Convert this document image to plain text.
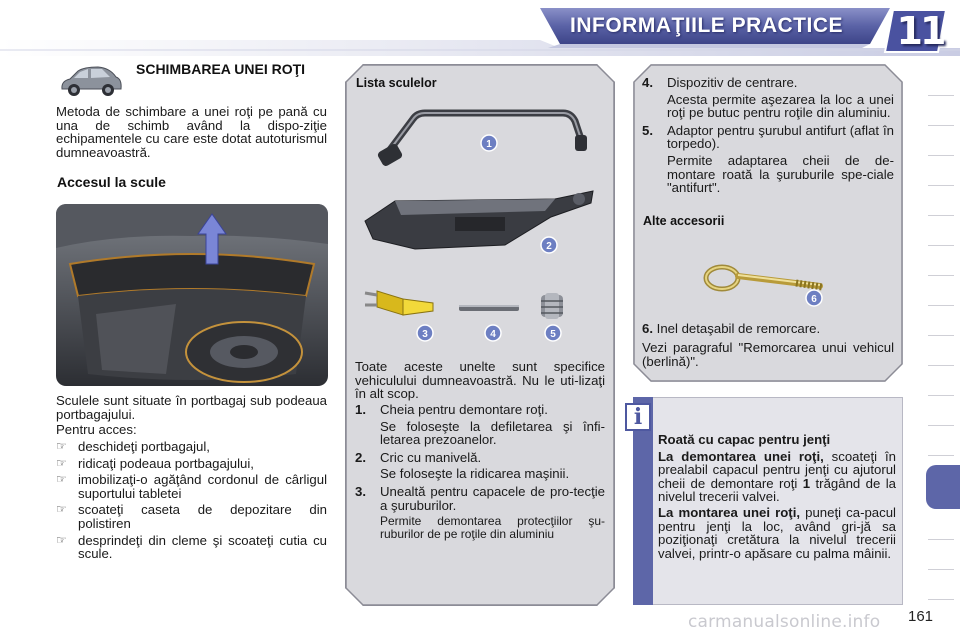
INFORMAŢIILE PRACTICE 11
SCHIMBAREA UNEI ROŢI
Metoda de schimbare a unei roţi pe pană cu una de schimb având la dispo-ziţie echipamentele cu care este dotat autoturismul dumneavoastră.
Accesul la scule
Sculele sunt situate în portbagaj sub podeaua portbagajului.
Pentru acces:
☞ deschideţi portbagajul,
☞ ridicaţi podeaua portbagajului,
☞ imobilizaţi-o agăţând cordonul de cârligul suportului tabletei
☞ scoateţi caseta de depozitare din polistiren
☞ desprindeţi din cleme şi scoateţi cutia cu scule.
Lista sculelor
1
2
3	4	5
Toate aceste unelte sunt specifice vehiculului dumneavoastră. Nu le uti-lizaţi în alt scop.
1.	Cheia pentru demontare roţi.
Se foloseşte la defiletarea şi înfi-letarea prezoanelor.
2.	Cric cu manivelă.
Se foloseşte la ridicarea maşinii.
3.	Unealtă pentru capacele de pro-tecţie a şuruburilor.
Permite demontarea protecţiilor şu-ruburilor de pe roţile din aluminiu
4.	Dispozitiv de centrare.
Acesta permite aşezarea la loc a unei roţi pe butuc pentru roţile din aluminiu.
5.	Adaptor pentru şurubul antifurt (aflat în torpedo).
Permite adaptarea cheii de de-montare roată la şuruburile spe-ciale "antifurt".
Alte accesorii
6
6. Inel detaşabil de remorcare.
Vezi paragraful "Remorcarea unui vehicul (berlină)".
i
Roată cu capac pentru jenţi
La demontarea unei roţi, scoateţi în prealabil capacul pentru jenţi cu ajutorul cheii de demontare roţi 1 trăgând de la nivelul trecerii valvei.
La montarea unei roţi, puneţi ca-pacul pentru jenţi la loc, având gri-jă sa poziţionaţi cretătura la nivelul trecerii valvei, printr-o apăsare cu palma mâinii.
carmanualsonline.info 161
